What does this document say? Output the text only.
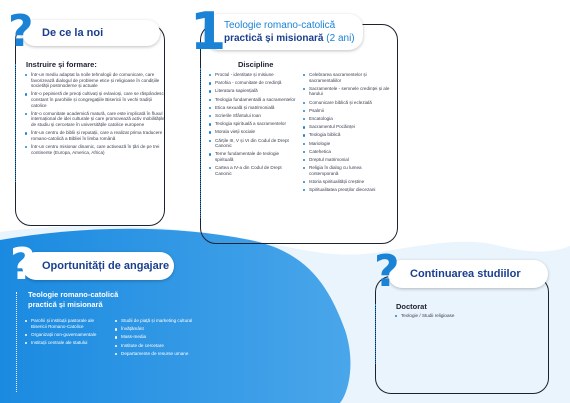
? De ce la noi
Instruire și formare:
Într-un mediu adaptat la noile tehnologii de comunicare, care favorizează dialogul de probleme etice și religioase în condițiile societății postmoderne și actuale
Într-o pepinieră de preoți cultivați și evlavioși, care se răspândesc constant în parohiile și congregațiile Bisericii în vechi tradiții catolice
Într-o comunitate academică matură, care este implicată în fluxul internațional de idei culturale și care promovează activ mobilitățile de studiu și cercetare în universitățile catolice europene
Într-un centru de biblii și reputații, care a realizat prima traducere romano-catolică a Bibliei în limba română
Într-un centru misionar dinamic, care activează în țări de pe trei continente (Europa, America, Africa)
1
Teologie romano-catolică
practică și misionară (2 ani)
Discipline
Proctul - identitate și misiune
Parohia - comunitate de credință
Literatura sapiențială
Teologia fundamentală a sacramentelor
Etica sexuală și matrimonială
Scrierile Sfântului Ioan
Teologia spirituală a sacramentelor
Morala vieții sociale
Cărțile III, V și VI din Codul de Drept Canonic
Teme fundamentale de teologie spirituală
Cartea a IV-a din Codul de Drept Canonic
Celebrarea sacramentelor și sacramentaliilor
Sacramentele - semnele credinței și ale harului
Comunicare biblică și eclezială
Psalmii
Escatologia
Sacramentul Pocăinței
Teologia biblică
Mariologie
Catehetica
Dreptul matrimonial
Religia în dialog cu lumea contemporană
Istoria spiritualității creștine
Spiritualitatea preoților diecezani
? Oportunități de angajare
Teologie romano-catolică
practică și misionară
Parohii și instituții pastorale ale Bisericii Romano-Catolice
Organizații non-guvernamentale
Instituții centrale ale statului
Studii de piață și marketing cultural
Învățământ
Mass-media
Institute de cercetare
Departamente de resurse umane
? Continuarea studiilor
Doctorat
Teologie / Studii religioase
